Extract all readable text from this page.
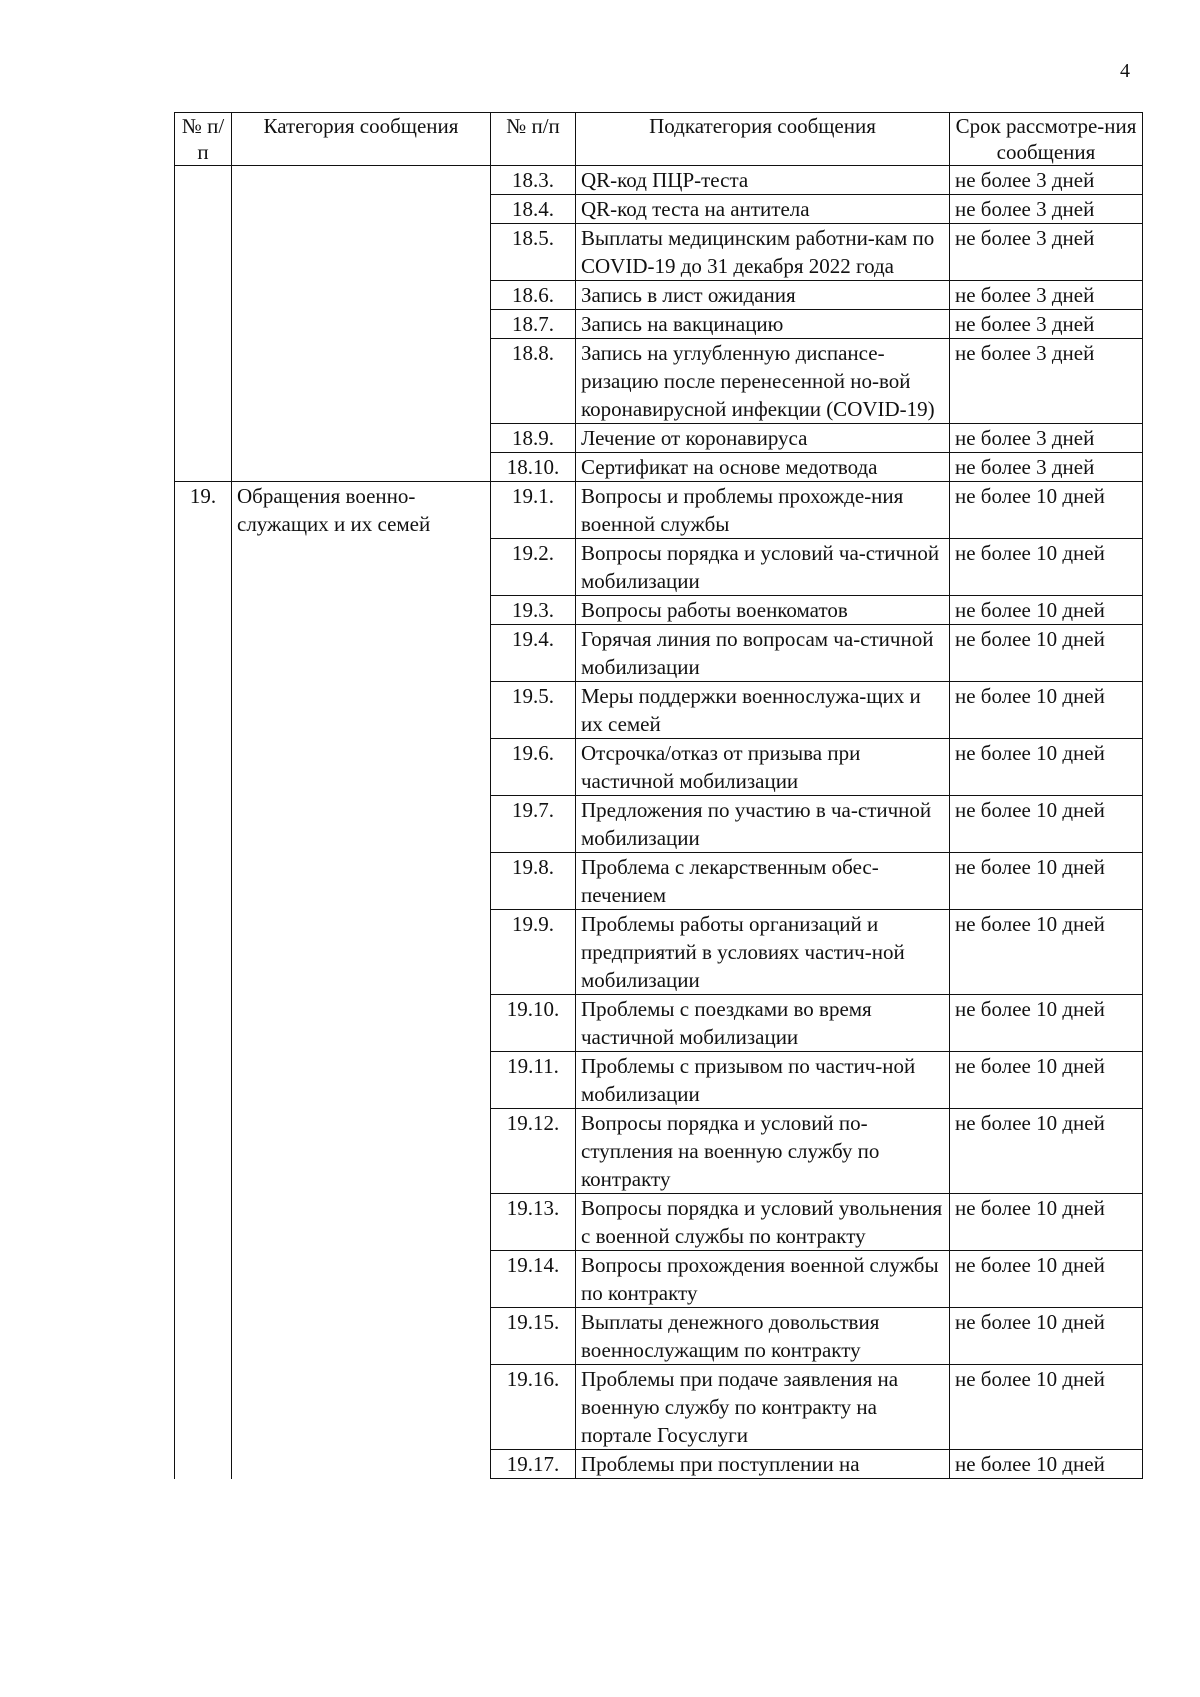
4
№ п/п	Категория сообщения	№ п/п	Подкатегория сообщения	Срок рассмотре-ния сообщения
		18.3.	QR-код ПЦР-теста	не более 3 дней
		18.4.	QR-код теста на антитела	не более 3 дней
		18.5.	Выплаты медицинским работни-кам по COVID-19 до 31 декабря 2022 года	не более 3 дней
		18.6.	Запись в лист ожидания	не более 3 дней
		18.7.	Запись на вакцинацию	не более 3 дней
		18.8.	Запись на углубленную диспансе-ризацию после перенесенной но-вой коронавирусной инфекции (COVID-19)	не более 3 дней
		18.9.	Лечение от коронавируса	не более 3 дней
		18.10.	Сертификат на основе медотвода	не более 3 дней
19.	Обращения военно-служащих и их семей	19.1.	Вопросы и проблемы прохожде-ния военной службы	не более 10 дней
		19.2.	Вопросы порядка и условий ча-стичной мобилизации	не более 10 дней
		19.3.	Вопросы работы военкоматов	не более 10 дней
		19.4.	Горячая линия по вопросам ча-стичной мобилизации	не более 10 дней
		19.5.	Меры поддержки военнослужа-щих и их семей	не более 10 дней
		19.6.	Отсрочка/отказ от призыва при частичной мобилизации	не более 10 дней
		19.7.	Предложения по участию в ча-стичной мобилизации	не более 10 дней
		19.8.	Проблема с лекарственным обес-печением	не более 10 дней
		19.9.	Проблемы работы организаций и предприятий в условиях частич-ной мобилизации	не более 10 дней
		19.10.	Проблемы с поездками во время частичной мобилизации	не более 10 дней
		19.11.	Проблемы с призывом по частич-ной мобилизации	не более 10 дней
		19.12.	Вопросы порядка и условий по-ступления на военную службу по контракту	не более 10 дней
		19.13.	Вопросы порядка и условий увольнения с военной службы по контракту	не более 10 дней
		19.14.	Вопросы прохождения военной службы по контракту	не более 10 дней
		19.15.	Выплаты денежного довольствия военнослужащим по контракту	не более 10 дней
		19.16.	Проблемы при подаче заявления на военную службу по контракту на портале Госуслуги	не более 10 дней
		19.17.	Проблемы при поступлении на	не более 10 дней
